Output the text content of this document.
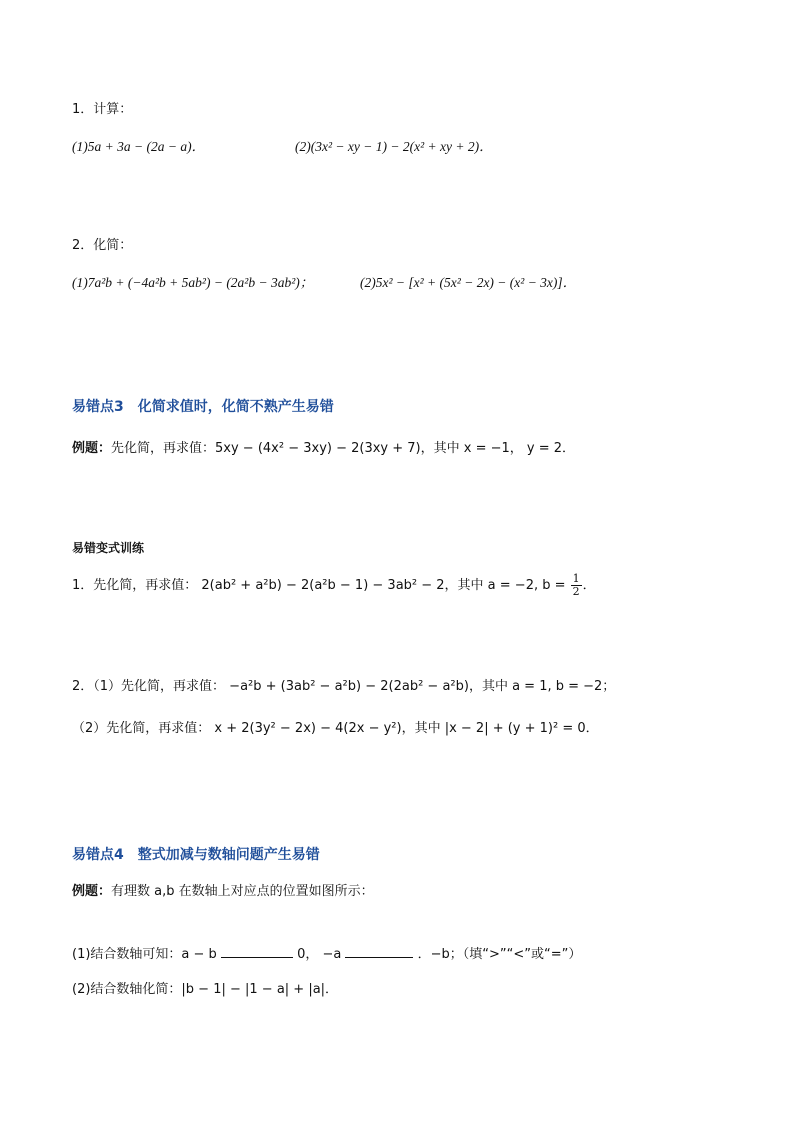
1．计算：
(1)5a + 3a − (2a − a)．	(2)(3x² − xy − 1) − 2(x² + xy + 2)．
2．化简：
(1)7a²b + (−4a²b + 5ab²) − (2a²b − 3ab²)；	(2)5x² − [x² + (5x² − 2x) − (x² − 3x)]．
易错点3　化简求值时，化简不熟产生易错
例题：先化简，再求值：5xy − (4x² − 3xy) − 2(3xy + 7)，其中 x = −1， y = 2．
易错变式训练
1．先化简，再求值： 2(ab² + a²b) − 2(a²b − 1) − 3ab² − 2，其中 a = −2, $b = \frac{1}{2}$ ．
2．（1）先化简，再求值： −a²b + (3ab² − a²b) − 2(2ab² − a²b)，其中 a = 1, b = −2；
（2）先化简，再求值： x + 2(3y² − 2x) − 4(2x − y²)，其中 |x − 2| + (y + 1)² = 0．
易错点4　整式加减与数轴问题产生易错
例题：有理数 a,b 在数轴上对应点的位置如图所示：
(1)结合数轴可知：a − b	0， −a	．−b；（填“>”“<”或“=”）
(2)结合数轴化简：|b − 1| − |1 − a| + |a|．
